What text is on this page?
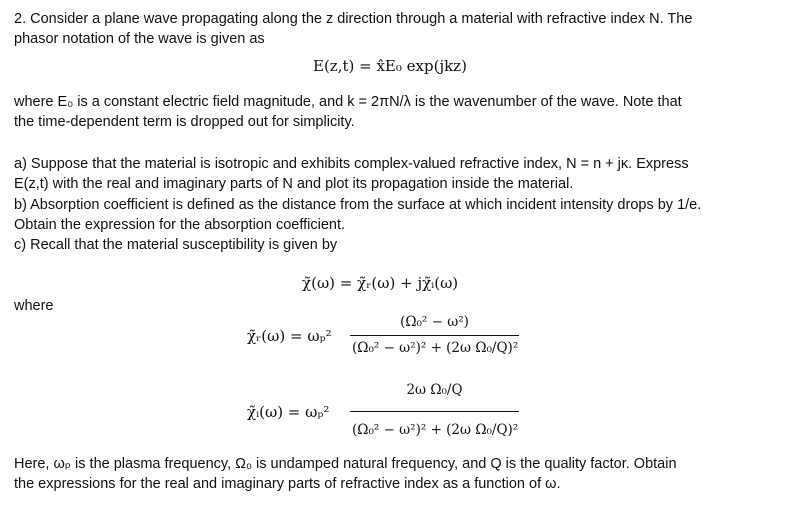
2. Consider a plane wave propagating along the z direction through a material with refractive index N. The
phasor notation of the wave is given as
E(z,t) = x̂E₀ exp(jkz)
where E₀ is a constant electric field magnitude, and k = 2πN/λ is the wavenumber of the wave. Note that
the time-dependent term is dropped out for simplicity.
a) Suppose that the material is isotropic and exhibits complex-valued refractive index, N = n + jκ. Express
E(z,t) with the real and imaginary parts of N and plot its propagation inside the material.
b) Absorption coefficient is defined as the distance from the surface at which incident intensity drops by 1/e.
Obtain the expression for the absorption coefficient.
c) Recall that the material susceptibility is given by
χ̃(ω) = χ̃ᵣ(ω) + jχ̃ᵢ(ω)
where
χ̃ᵣ(ω) = ωₚ²
(Ω₀² − ω²)
(Ω₀² − ω²)² + (2ω Ω₀/Q)²
χ̃ᵢ(ω) = ωₚ²
2ω Ω₀/Q
(Ω₀² − ω²)² + (2ω Ω₀/Q)²
Here, ωₚ is the plasma frequency, Ω₀ is undamped natural frequency, and Q is the quality factor. Obtain
the expressions for the real and imaginary parts of refractive index as a function of ω.
